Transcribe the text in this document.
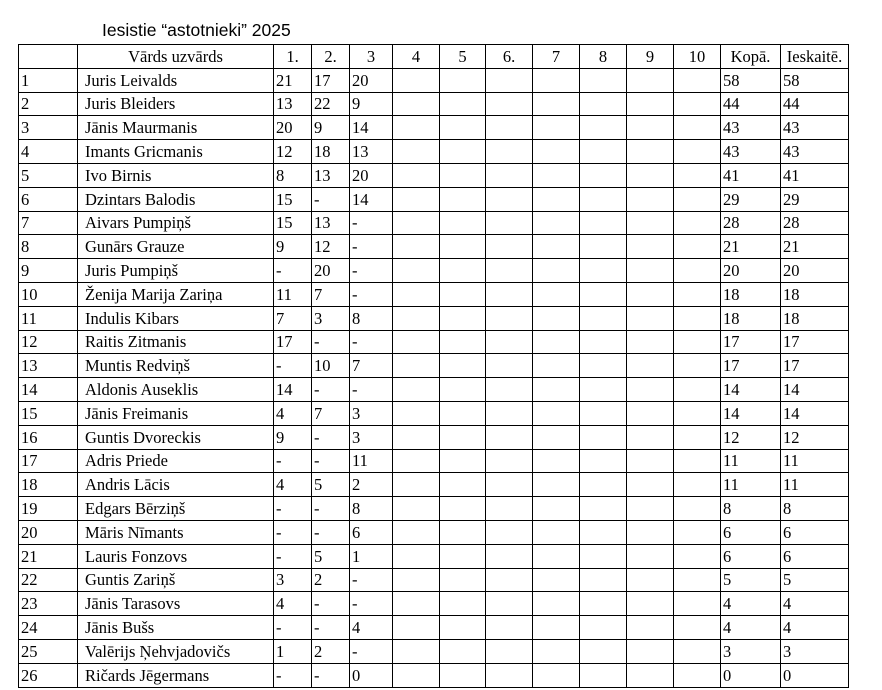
Iesistie “astotnieki” 2025
	Vārds uzvārds	1.	2.	3	4	5	6.	7	8	9	10	Kopā.	Ieskaitē.
1	Juris Leivalds	21	17	20								58	58
2	Juris Bleiders	13	22	9								44	44
3	Jānis Maurmanis	20	9	14								43	43
4	Imants Gricmanis	12	18	13								43	43
5	Ivo Birnis	8	13	20								41	41
6	Dzintars Balodis	15	-	14								29	29
7	Aivars Pumpiņš	15	13	-								28	28
8	Gunārs Grauze	9	12	-								21	21
9	Juris Pumpiņš	-	20	-								20	20
10	Ženija Marija Zariņa	11	7	-								18	18
11	Indulis Kibars	7	3	8								18	18
12	Raitis Zitmanis	17	-	-								17	17
13	Muntis Redviņš	-	10	7								17	17
14	Aldonis Auseklis	14	-	-								14	14
15	Jānis Freimanis	4	7	3								14	14
16	Guntis Dvoreckis	9	-	3								12	12
17	Adris Priede	-	-	11								11	11
18	Andris Lācis	4	5	2								11	11
19	Edgars Bērziņš	-	-	8								8	8
20	Māris Nīmants	-	-	6								6	6
21	Lauris Fonzovs	-	5	1								6	6
22	Guntis Zariņš	3	2	-								5	5
23	Jānis Tarasovs	4	-	-								4	4
24	Jānis Bušs	-	-	4								4	4
25	Valērijs Ņehvjadovičs	1	2	-								3	3
26	Ričards Jēgermans	-	-	0								0	0
